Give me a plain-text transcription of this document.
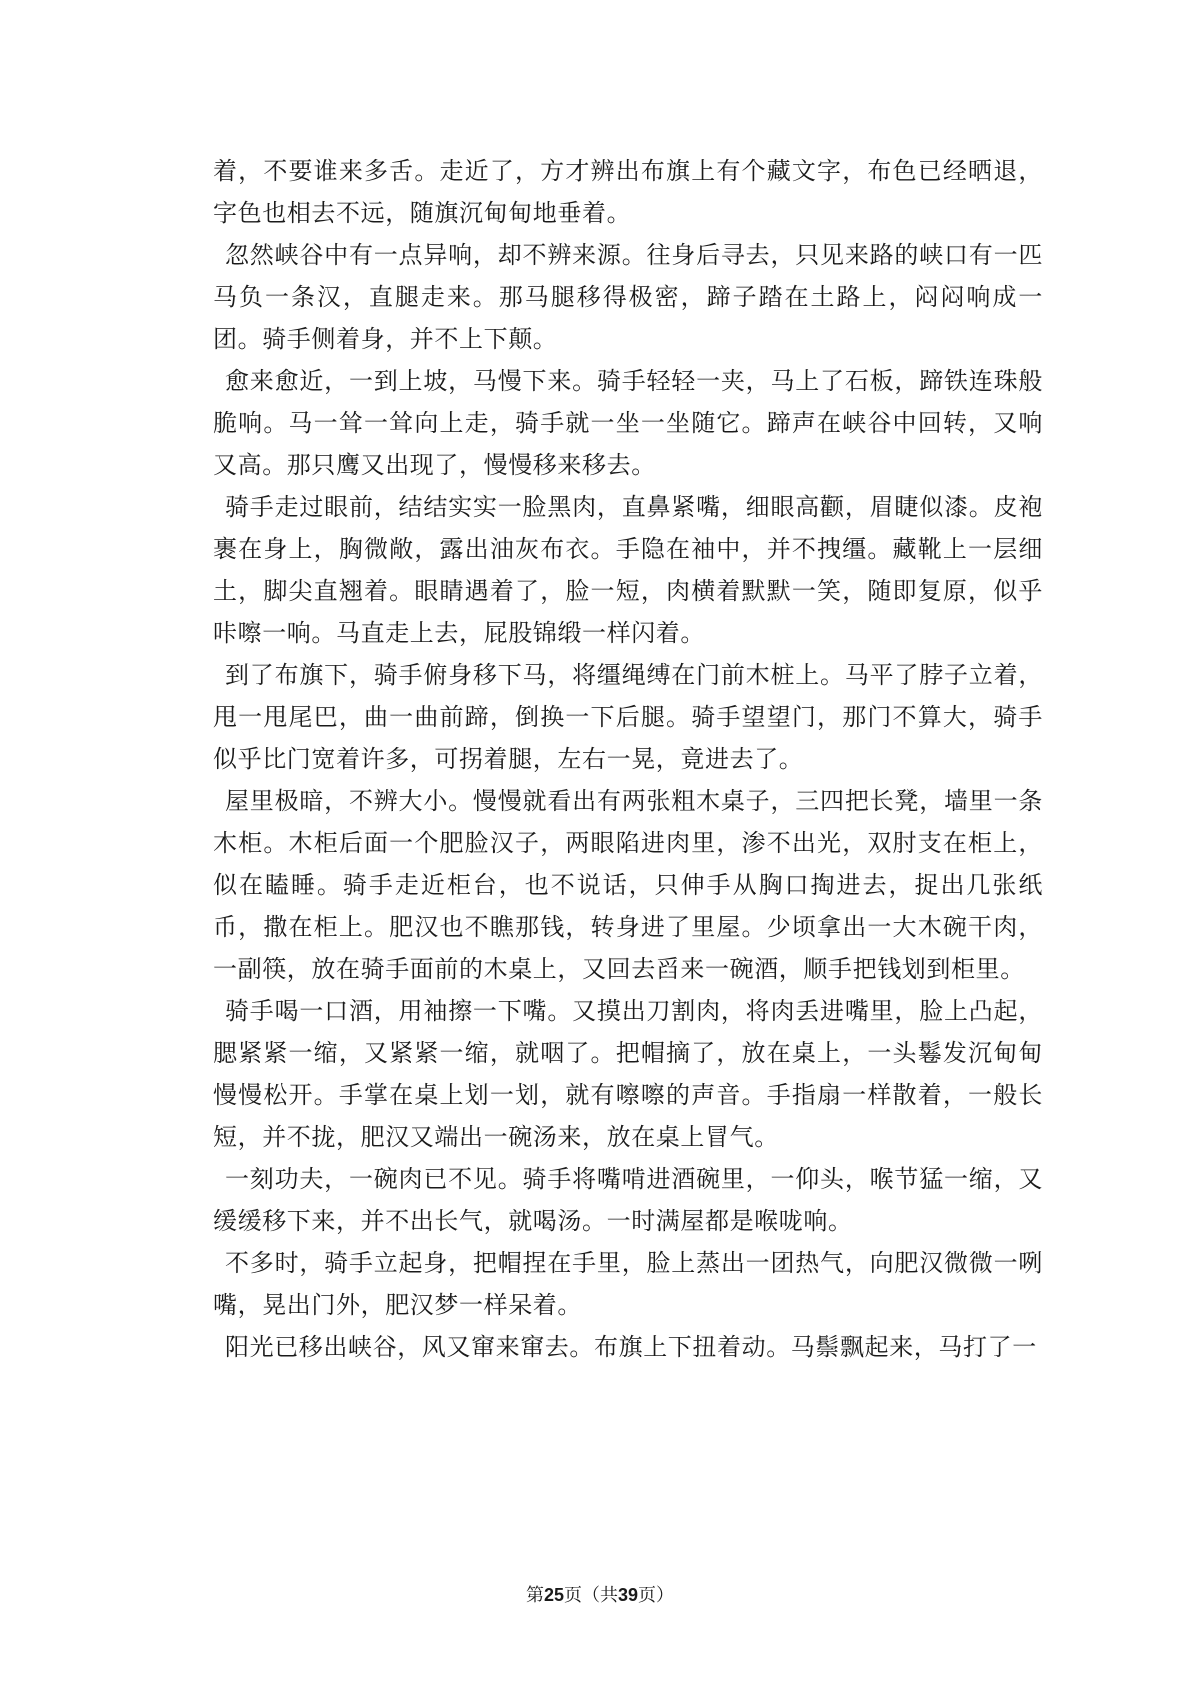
着，不要谁来多舌。走近了，方才辨出布旗上有个藏文字，布色已经晒退，字色也相去不远，随旗沉甸甸地垂着。

忽然峡谷中有一点异响，却不辨来源。往身后寻去，只见来路的峡口有一匹马负一条汉，直腿走来。那马腿移得极密，蹄子踏在土路上，闷闷响成一团。骑手侧着身，并不上下颠。

愈来愈近，一到上坡，马慢下来。骑手轻轻一夹，马上了石板，蹄铁连珠般脆响。马一耸一耸向上走，骑手就一坐一坐随它。蹄声在峡谷中回转，又响又高。那只鹰又出现了，慢慢移来移去。

骑手走过眼前，结结实实一脸黑肉，直鼻紧嘴，细眼高颧，眉睫似漆。皮袍裹在身上，胸微敞，露出油灰布衣。手隐在袖中，并不拽缰。藏靴上一层细土，脚尖直翘着。眼睛遇着了，脸一短，肉横着默默一笑，随即复原，似乎咔嚓一响。马直走上去，屁股锦缎一样闪着。

到了布旗下，骑手俯身移下马，将缰绳缚在门前木桩上。马平了脖子立着，甩一甩尾巴，曲一曲前蹄，倒换一下后腿。骑手望望门，那门不算大，骑手似乎比门宽着许多，可拐着腿，左右一晃，竟进去了。

屋里极暗，不辨大小。慢慢就看出有两张粗木桌子，三四把长凳，墙里一条木柜。木柜后面一个肥脸汉子，两眼陷进肉里，渗不出光，双肘支在柜上，似在瞌睡。骑手走近柜台，也不说话，只伸手从胸口掏进去，捉出几张纸币，撒在柜上。肥汉也不瞧那钱，转身进了里屋。少顷拿出一大木碗干肉，一副筷，放在骑手面前的木桌上，又回去舀来一碗酒，顺手把钱划到柜里。

骑手喝一口酒，用袖擦一下嘴。又摸出刀割肉，将肉丢进嘴里，脸上凸起，腮紧紧一缩，又紧紧一缩，就咽了。把帽摘了，放在桌上，一头鬈发沉甸甸慢慢松开。手掌在桌上划一划，就有嚓嚓的声音。手指扇一样散着，一般长短，并不拢，肥汉又端出一碗汤来，放在桌上冒气。

一刻功夫，一碗肉已不见。骑手将嘴啃进酒碗里，一仰头，喉节猛一缩，又缓缓移下来，并不出长气，就喝汤。一时满屋都是喉咙响。

不多时，骑手立起身，把帽捏在手里，脸上蒸出一团热气，向肥汉微微一咧嘴，晃出门外，肥汉梦一样呆着。

阳光已移出峡谷，风又窜来窜去。布旗上下扭着动。马鬃飘起来，马打了一

第25页（共39页）
